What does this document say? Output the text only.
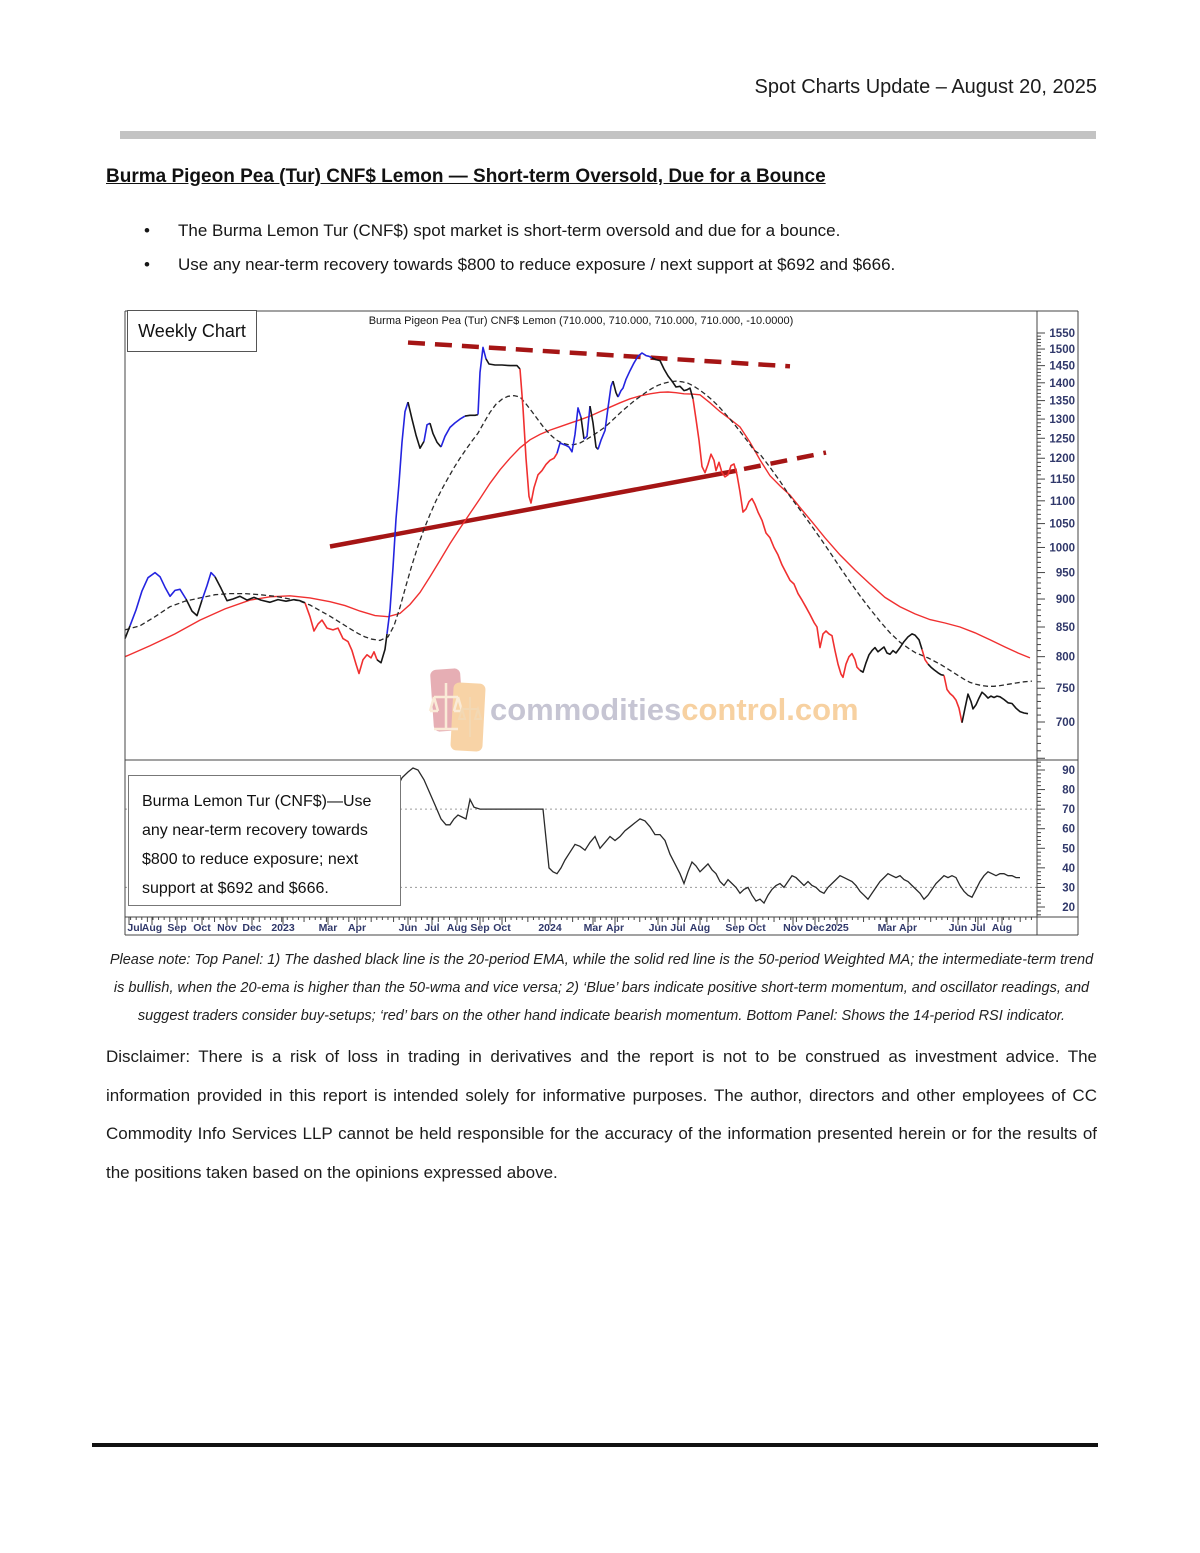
Spot Charts Update – August 20, 2025
Burma Pigeon Pea (Tur) CNF$ Lemon — Short-term Oversold, Due for a Bounce
• The Burma Lemon Tur (CNF$) spot market is short-term oversold and due for a bounce.
• Use any near-term recovery towards $800 to reduce exposure / next support at $692 and $666.
700
750
800
850
900
950
1000
1050
1100
1150
1200
1250
1300
1350
1400
1450
1500
1550
20
30
40
50
60
70
80
90
Jul Aug Sep Oct Nov Dec 2023 Mar Apr	Jun Jul Aug Sep Oct	2024 Mar Apr Jun Jul Aug Sep Oct Nov Dec 2025	Mar Apr	Jun Jul Aug
Burma Pigeon Pea (Tur) CNF$ Lemon (710.000, 710.000, 710.000, 710.000, -10.0000)
Weekly Chart
Burma Lemon Tur (CNF$)—Use any near-term recovery towards $800 to reduce exposure; next support at $692 and $666.
commoditiescontrol.com
Please note: Top Panel: 1) The dashed black line is the 20-period EMA, while the solid red line is the 50-period Weighted MA; the intermediate-term trend is bullish, when the 20-ema is higher than the 50-wma and vice versa; 2) ‘Blue’ bars indicate positive short-term momentum, and oscillator readings, and suggest traders consider buy-setups; ‘red’ bars on the other hand indicate bearish momentum. Bottom Panel: Shows the 14-period RSI indicator.
Disclaimer: There is a risk of loss in trading in derivatives and the report is not to be construed as investment advice. The information provided in this report is intended solely for informative purposes. The author, directors and other employees of CC Commodity Info Services LLP cannot be held responsible for the accuracy of the information presented herein or for the results of the positions taken based on the opinions expressed above.
